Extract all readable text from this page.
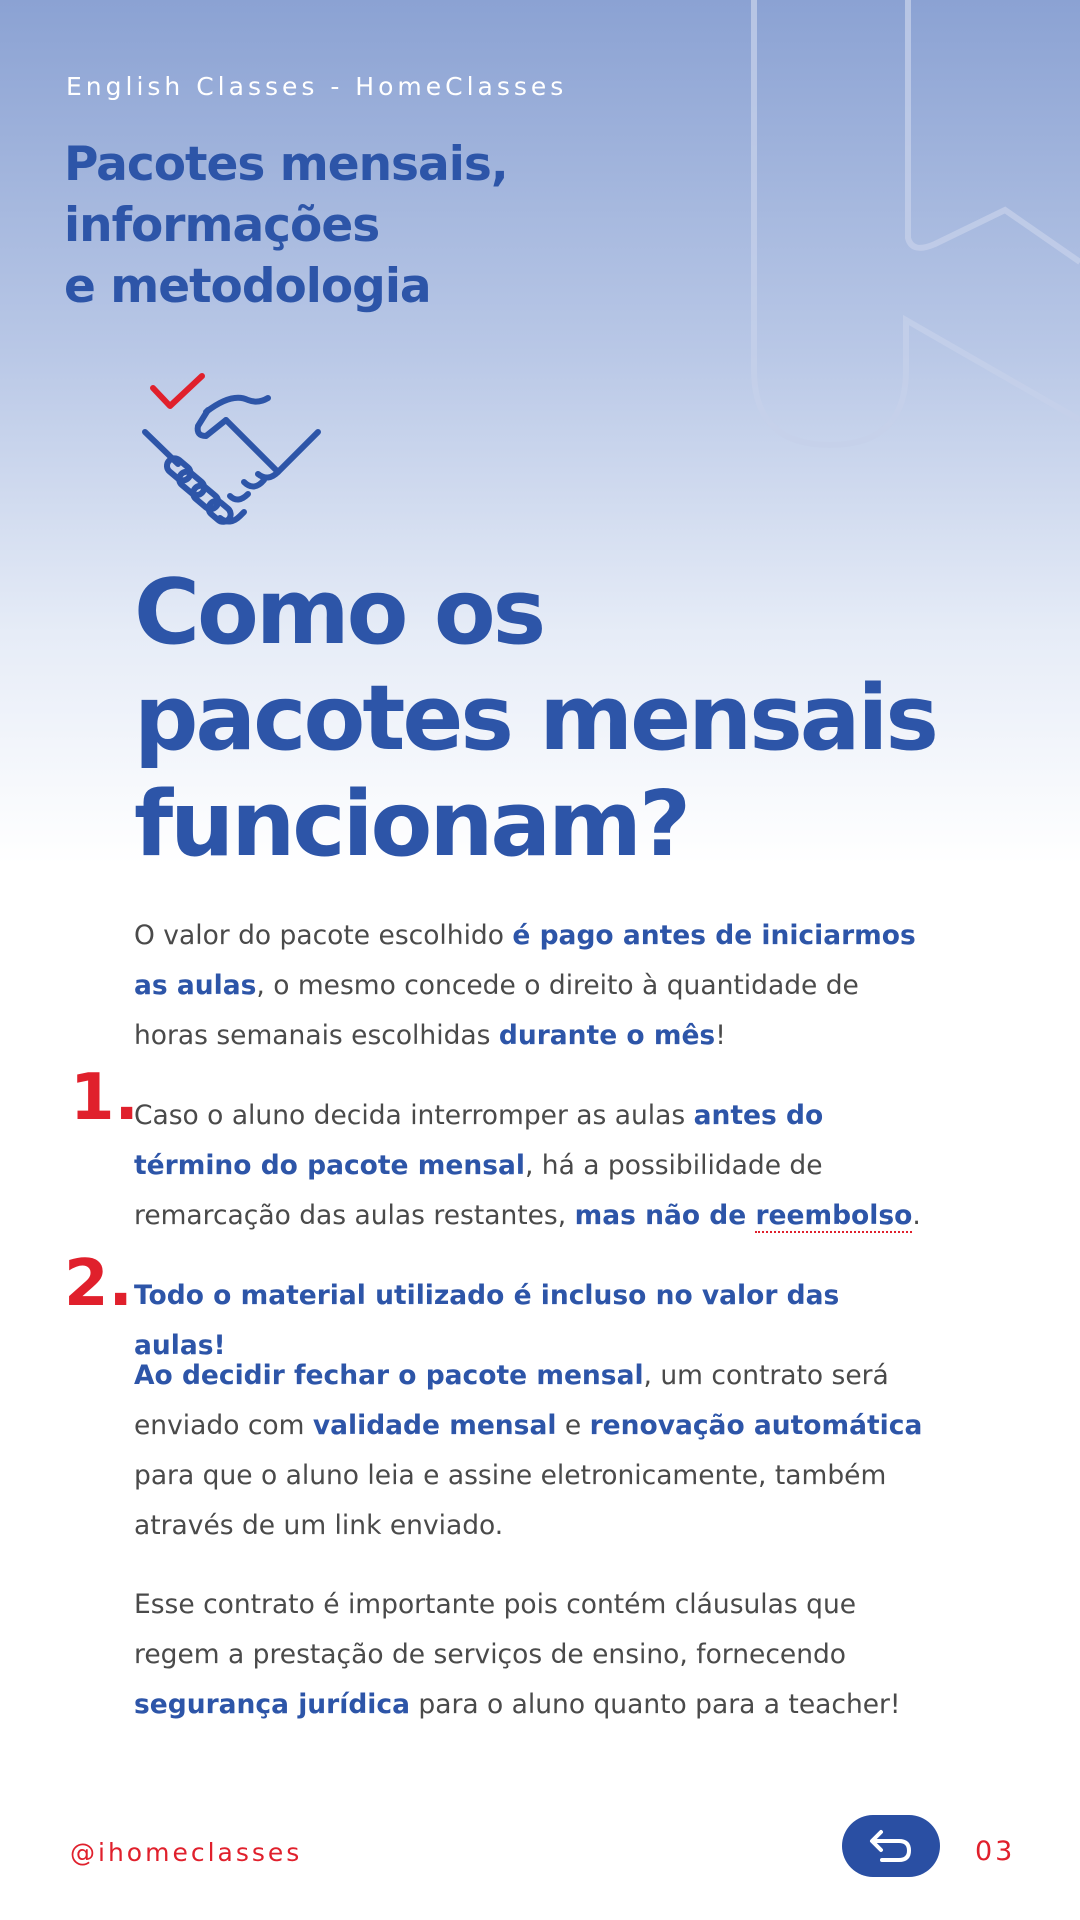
English Classes - HomeClasses
Pacotes mensais,
informações
e metodologia
Como os
pacotes mensais
funcionam?

O valor do pacote escolhido é pago antes de iniciarmos as aulas, o mesmo concede o direito à quantidade de horas semanais escolhidas durante o mês!

1.

Caso o aluno decida interromper as aulas antes do término do pacote mensal, há a possibilidade de remarcação das aulas restantes, mas não de reembolso.

2. Todo o material utilizado é incluso no valor das aulas!

Ao decidir fechar o pacote mensal, um contrato será enviado com validade mensal e renovação automática para que o aluno leia e assine eletronicamente, também através de um link enviado.

Esse contrato é importante pois contém cláusulas que regem a prestação de serviços de ensino, fornecendo segurança jurídica para o aluno quanto para a teacher!

@ihomeclasses	03
